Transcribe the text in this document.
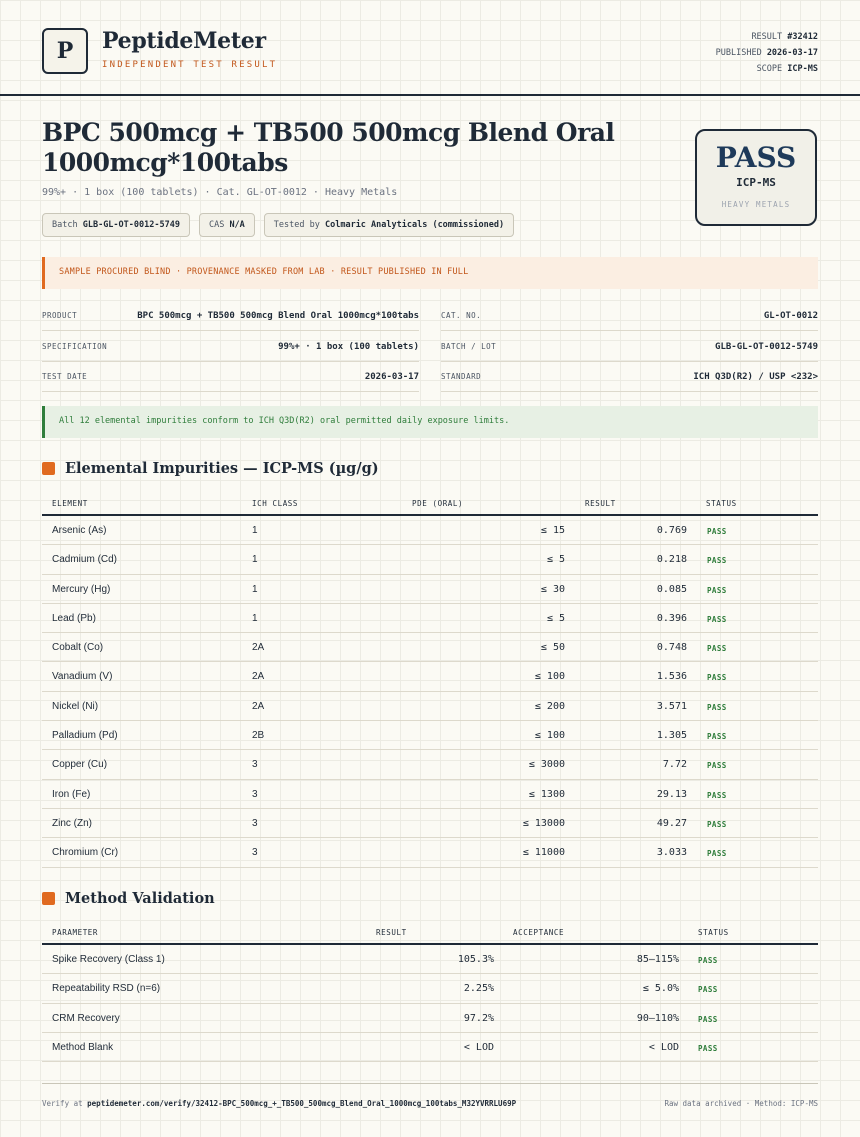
P	PeptideMeter
INDEPENDENT TEST RESULT
RESULT #32412
PUBLISHED 2026-03-17
SCOPE ICP-MS
BPC 500mcg + TB500 500mcg Blend Oral 1000mcg*100tabs
99%+ · 1 box (100 tablets) · Cat. GL-OT-0012 · Heavy Metals
Batch GLB-GL-OT-0012-5749	CAS N/A	Tested by Colmaric Analyticals (commissioned)
PASS
ICP-MS
HEAVY METALS
SAMPLE PROCURED BLIND · PROVENANCE MASKED FROM LAB · RESULT PUBLISHED IN FULL
PRODUCT	BPC 500mcg + TB500 500mcg Blend Oral 1000mcg*100tabs
SPECIFICATION	99%+ · 1 box (100 tablets)
TEST DATE	2026-03-17
CAT. NO.	GL-OT-0012
BATCH / LOT	GLB-GL-OT-0012-5749
STANDARD	ICH Q3D(R2) / USP <232>
All 12 elemental impurities conform to ICH Q3D(R2) oral permitted daily exposure limits.
Elemental Impurities — ICP-MS (µg/g)
ELEMENT	ICH CLASS	PDE (ORAL)	RESULT	STATUS
Arsenic (As)	1	≤ 15	0.769	PASS
Cadmium (Cd)	1	≤ 5	0.218	PASS
Mercury (Hg)	1	≤ 30	0.085	PASS
Lead (Pb)	1	≤ 5	0.396	PASS
Cobalt (Co)	2A	≤ 50	0.748	PASS
Vanadium (V)	2A	≤ 100	1.536	PASS
Nickel (Ni)	2A	≤ 200	3.571	PASS
Palladium (Pd)	2B	≤ 100	1.305	PASS
Copper (Cu)	3	≤ 3000	7.72	PASS
Iron (Fe)	3	≤ 1300	29.13	PASS
Zinc (Zn)	3	≤ 13000	49.27	PASS
Chromium (Cr)	3	≤ 11000	3.033	PASS
Method Validation
PARAMETER	RESULT	ACCEPTANCE	STATUS
Spike Recovery (Class 1)	105.3%	85–115%	PASS
Repeatability RSD (n=6)	2.25%	≤ 5.0%	PASS
CRM Recovery	97.2%	90–110%	PASS
Method Blank	< LOD	< LOD	PASS
Verify at peptidemeter.com/verify/32412-BPC_500mcg_+_TB500_500mcg_Blend_Oral_1000mcg_100tabs_M32YVRRLU69P	Raw data archived · Method: ICP-MS
